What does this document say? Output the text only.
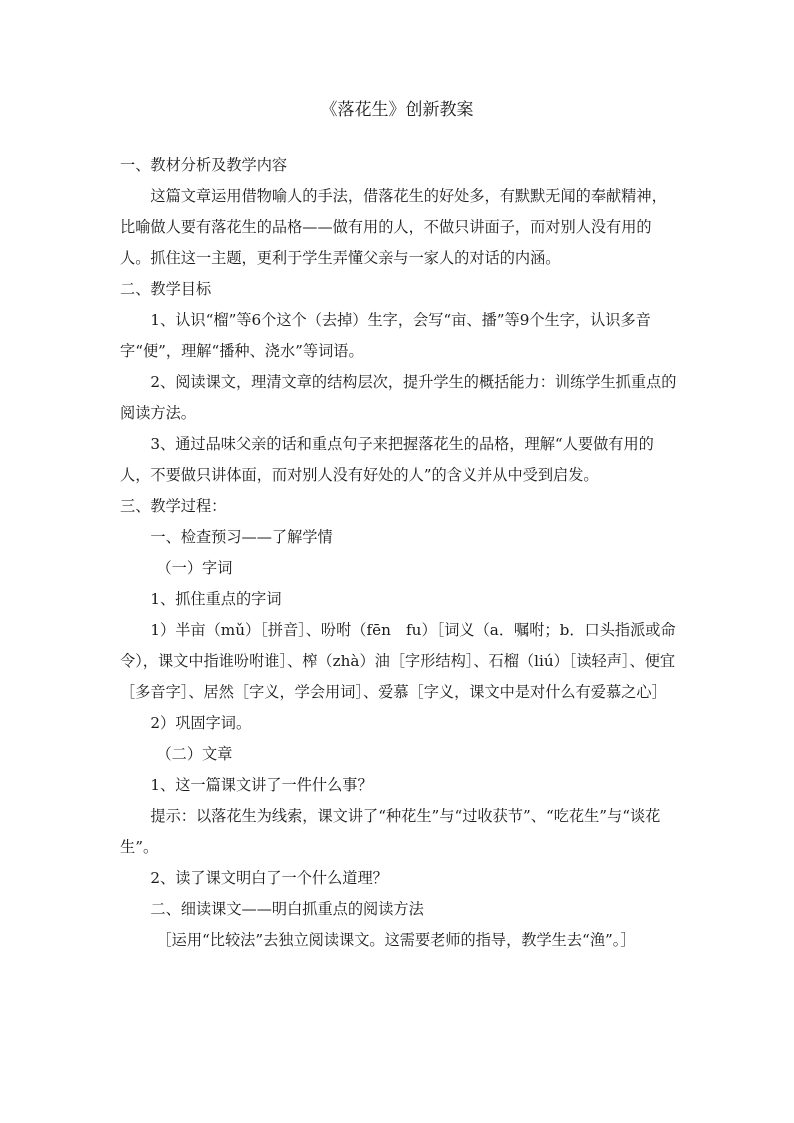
《落花生》创新教案

一、教材分析及教学内容

这篇文章运用借物喻人的手法，借落花生的好处多，有默默无闻的奉献精神，比喻做人要有落花生的品格——做有用的人，不做只讲面子，而对别人没有用的人。抓住这一主题，更利于学生弄懂父亲与一家人的对话的内涵。

二、教学目标

1、认识“榴”等6个这个（去掉）生字，会写“亩、播”等9个生字，认识多音字“便”，理解“播种、浇水”等词语。

2、阅读课文，理清文章的结构层次，提升学生的概括能力：训练学生抓重点的阅读方法。

3、通过品味父亲的话和重点句子来把握落花生的品格，理解“人要做有用的人，不要做只讲体面，而对别人没有好处的人”的含义并从中受到启发。

三、教学过程：

一、检查预习——了解学情

（一）字词

1、抓住重点的字词

1）半亩（mǔ）［拼音］、吩咐（fēn　fu）［词义（a．嘱咐；b．口头指派或命令），课文中指谁吩咐谁］、榨（zhà）油［字形结构］、石榴（liú）［读轻声］、便宜［多音字］、居然［字义，学会用词］、爱慕［字义，课文中是对什么有爱慕之心］

2）巩固字词。

（二）文章

1、这一篇课文讲了一件什么事？

提示：以落花生为线索，课文讲了“种花生”与“过收获节”、“吃花生”与“谈花生”。

2、读了课文明白了一个什么道理？

二、细读课文——明白抓重点的阅读方法

［运用“比较法”去独立阅读课文。这需要老师的指导，教学生去“渔”。］
